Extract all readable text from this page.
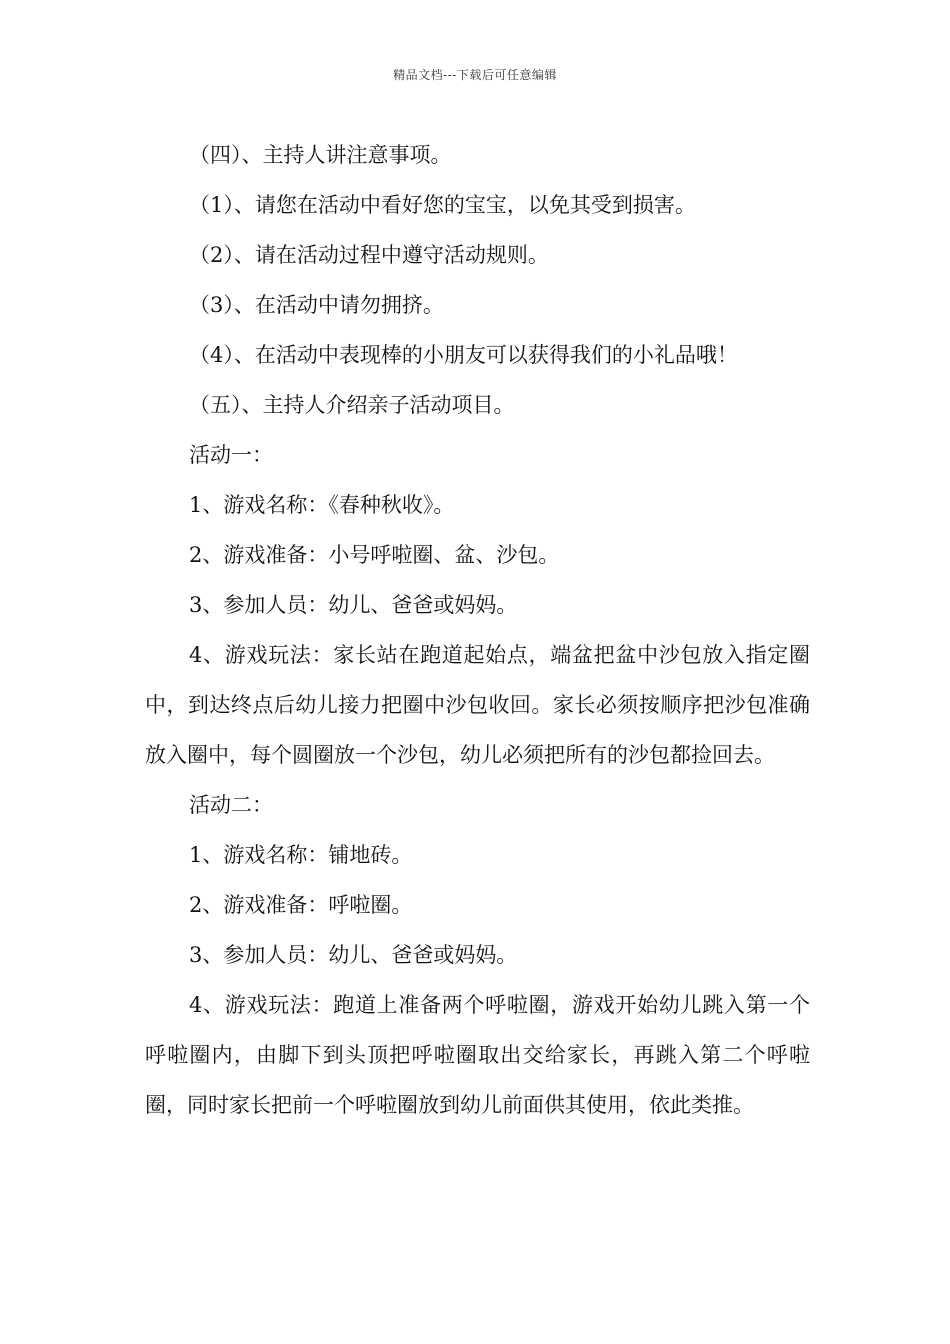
精品文档---下载后可任意编辑

（四）、主持人讲注意事项。

（1）、请您在活动中看好您的宝宝，以免其受到损害。

（2）、请在活动过程中遵守活动规则。

（3）、在活动中请勿拥挤。

（4）、在活动中表现棒的小朋友可以获得我们的小礼品哦！

（五）、主持人介绍亲子活动项目。

活动一：

1、游戏名称：《春种秋收》。

2、游戏准备：小号呼啦圈、盆、沙包。

3、参加人员：幼儿、爸爸或妈妈。

4、游戏玩法：家长站在跑道起始点，端盆把盆中沙包放入指定圈中，到达终点后幼儿接力把圈中沙包收回。家长必须按顺序把沙包准确放入圈中，每个圆圈放一个沙包，幼儿必须把所有的沙包都捡回去。

活动二：

1、游戏名称：铺地砖。

2、游戏准备：呼啦圈。

3、参加人员：幼儿、爸爸或妈妈。

4、游戏玩法：跑道上准备两个呼啦圈，游戏开始幼儿跳入第一个呼啦圈内，由脚下到头顶把呼啦圈取出交给家长，再跳入第二个呼啦圈，同时家长把前一个呼啦圈放到幼儿前面供其使用，依此类推。
